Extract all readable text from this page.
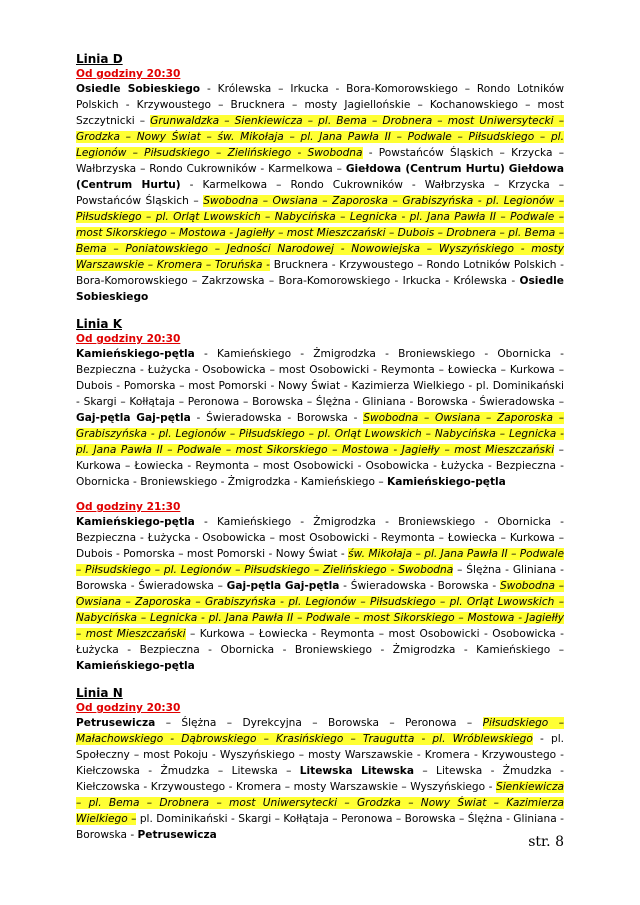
Linia D
Od godziny 20:30

Osiedle Sobieskiego - Królewska – Irkucka - Bora-Komorowskiego – Rondo Lotników Polskich - Krzywoustego – Brucknera – mosty Jagiellońskie – Kochanowskiego – most Szczytnicki – Grunwaldzka – Sienkiewicza – pl. Bema – Drobnera – most Uniwersytecki – Grodzka – Nowy Świat – św. Mikołaja – pl. Jana Pawła II – Podwale – Piłsudskiego – pl. Legionów – Piłsudskiego – Zielińskiego - Swobodna - Powstańców Śląskich – Krzycka – Wałbrzyska – Rondo Cukrowników - Karmelkowa – Giełdowa (Centrum Hurtu) Giełdowa (Centrum Hurtu) - Karmelkowa – Rondo Cukrowników - Wałbrzyska – Krzycka – Powstańców Śląskich – Swobodna – Owsiana – Zaporoska – Grabiszyńska - pl. Legionów – Piłsudskiego – pl. Orląt Lwowskich – Nabycińska – Legnicka - pl. Jana Pawła II – Podwale – most Sikorskiego – Mostowa - Jagiełły – most Mieszczański – Dubois – Drobnera – pl. Bema – Bema – Poniatowskiego – Jedności Narodowej - Nowowiejska – Wyszyńskiego - mosty Warszawskie – Kromera – Toruńska - Brucknera - Krzywoustego – Rondo Lotników Polskich - Bora-Komorowskiego – Zakrzowska – Bora-Komorowskiego - Irkucka - Królewska - Osiedle Sobieskiego

Linia K
Od godziny 20:30

Kamieńskiego-pętla - Kamieńskiego - Żmigrodzka - Broniewskiego - Obornicka - Bezpieczna - Łużycka - Osobowicka – most Osobowicki - Reymonta – Łowiecka – Kurkowa – Dubois - Pomorska – most Pomorski - Nowy Świat - Kazimierza Wielkiego - pl. Dominikański - Skargi – Kołłątaja – Peronowa – Borowska – Ślężna - Gliniana - Borowska - Świeradowska – Gaj-pętla Gaj-pętla - Świeradowska - Borowska - Swobodna – Owsiana – Zaporoska – Grabiszyńska - pl. Legionów – Piłsudskiego – pl. Orląt Lwowskich – Nabycińska – Legnicka - pl. Jana Pawła II – Podwale – most Sikorskiego – Mostowa - Jagiełły – most Mieszczański – Kurkowa – Łowiecka - Reymonta – most Osobowicki - Osobowicka - Łużycka - Bezpieczna - Obornicka - Broniewskiego - Żmigrodzka - Kamieńskiego – Kamieńskiego-pętla

Od godziny 21:30

Kamieńskiego-pętla - Kamieńskiego - Żmigrodzka - Broniewskiego - Obornicka - Bezpieczna - Łużycka - Osobowicka – most Osobowicki - Reymonta – Łowiecka – Kurkowa – Dubois - Pomorska – most Pomorski - Nowy Świat - św. Mikołaja – pl. Jana Pawła II – Podwale – Piłsudskiego – pl. Legionów – Piłsudskiego – Zielińskiego - Swobodna – Ślężna - Gliniana - Borowska - Świeradowska – Gaj-pętla Gaj-pętla - Świeradowska - Borowska - Swobodna – Owsiana – Zaporoska – Grabiszyńska - pl. Legionów – Piłsudskiego – pl. Orląt Lwowskich – Nabycińska – Legnicka - pl. Jana Pawła II – Podwale – most Sikorskiego – Mostowa - Jagiełły – most Mieszczański – Kurkowa – Łowiecka - Reymonta – most Osobowicki - Osobowicka - Łużycka - Bezpieczna - Obornicka - Broniewskiego - Żmigrodzka - Kamieńskiego – Kamieńskiego-pętla

Linia N
Od godziny 20:30

Petrusewicza – Ślężna – Dyrekcyjna – Borowska – Peronowa – Piłsudskiego – Małachowskiego - Dąbrowskiego – Krasińskiego – Traugutta - pl. Wróblewskiego - pl. Społeczny – most Pokoju - Wyszyńskiego – mosty Warszawskie - Kromera - Krzywoustego - Kiełczowska - Żmudzka – Litewska – Litewska Litewska – Litewska - Żmudzka - Kiełczowska - Krzywoustego - Kromera – mosty Warszawskie – Wyszyńskiego - Sienkiewicza – pl. Bema – Drobnera – most Uniwersytecki – Grodzka – Nowy Świat – Kazimierza Wielkiego – pl. Dominikański - Skargi – Kołłątaja – Peronowa – Borowska – Ślężna - Gliniana - Borowska - Petrusewicza	str. 8
